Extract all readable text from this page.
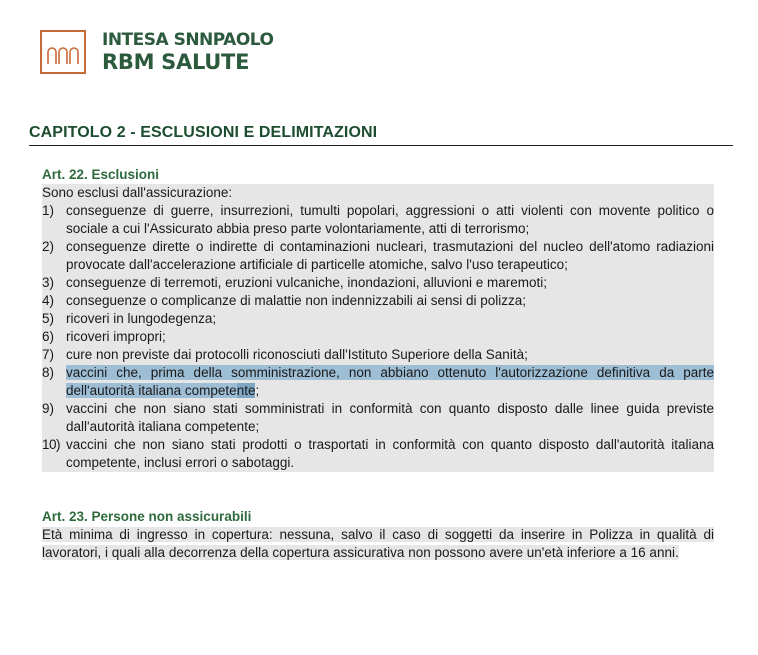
INTESA SNNPAOLO
RBM SALUTE
CAPITOLO 2 - ESCLUSIONI E DELIMITAZIONI
Art. 22. Esclusioni
Sono esclusi dall'assicurazione:
1) conseguenze di guerre, insurrezioni, tumulti popolari, aggressioni o atti violenti con movente politico o sociale a cui l'Assicurato abbia preso parte volontariamente, atti di terrorismo;
2) conseguenze dirette o indirette di contaminazioni nucleari, trasmutazioni del nucleo dell'atomo radiazioni provocate dall'accelerazione artificiale di particelle atomiche, salvo l'uso terapeutico;
3) conseguenze di terremoti, eruzioni vulcaniche, inondazioni, alluvioni e maremoti;
4) conseguenze o complicanze di malattie non indennizzabili ai sensi di polizza;
5) ricoveri in lungodegenza;
6) ricoveri impropri;
7) cure non previste dai protocolli riconosciuti dall'Istituto Superiore della Sanità;
8) vaccini che, prima della somministrazione, non abbiano ottenuto l'autorizzazione definitiva da parte dell'autorità italiana competente;
9) vaccini che non siano stati somministrati in conformità con quanto disposto dalle linee guida previste dall'autorità italiana competente;
10) vaccini che non siano stati prodotti o trasportati in conformità con quanto disposto dall'autorità italiana competente, inclusi errori o sabotaggi.
Art. 23. Persone non assicurabili
Età minima di ingresso in copertura: nessuna, salvo il caso di soggetti da inserire in Polizza in qualità di lavoratori, i quali alla decorrenza della copertura assicurativa non possono avere un'età inferiore a 16 anni.
